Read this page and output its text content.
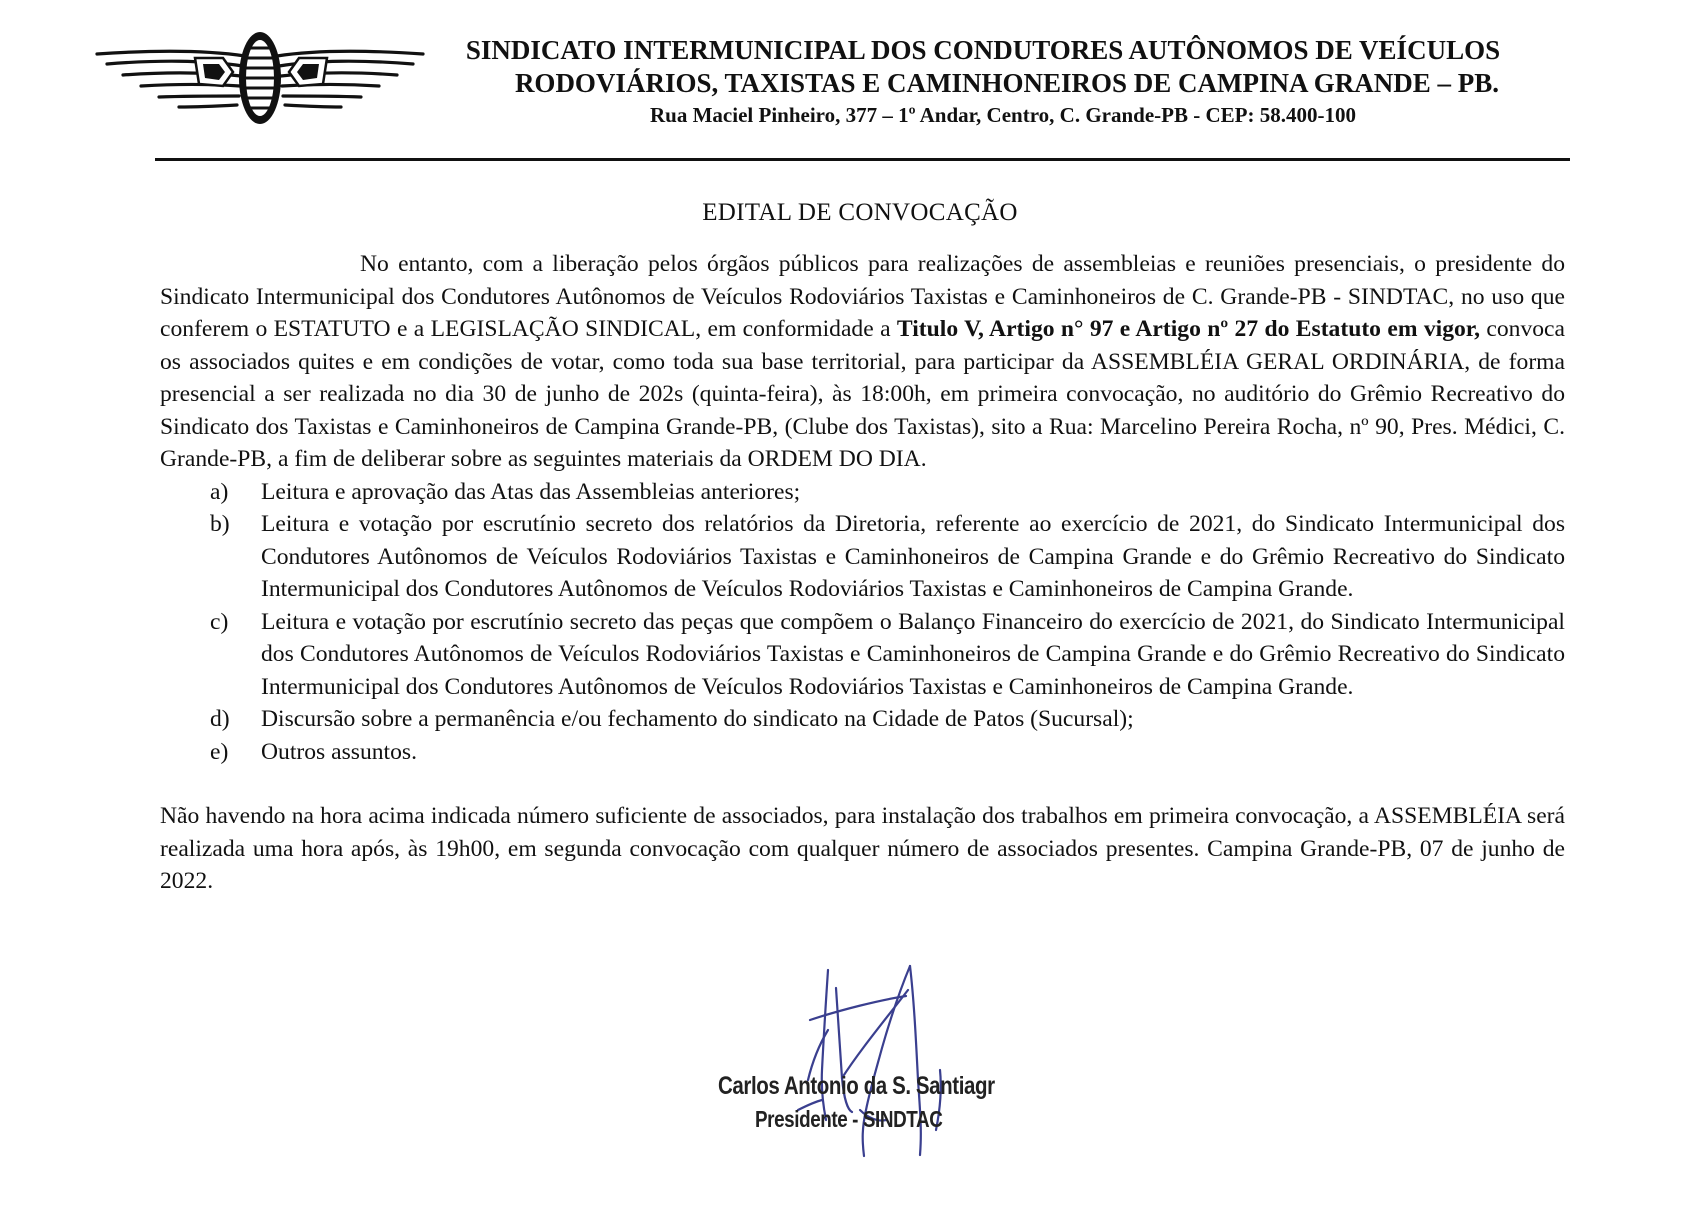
SINDICATO INTERMUNICIPAL DOS CONDUTORES AUTÔNOMOS DE VEÍCULOS
RODOVIÁRIOS, TAXISTAS E CAMINHONEIROS DE CAMPINA GRANDE – PB.
Rua Maciel Pinheiro, 377 – 1º Andar, Centro, C. Grande-PB - CEP: 58.400-100
EDITAL DE CONVOCAÇÃO

No entanto, com a liberação pelos órgãos públicos para realizações de assembleias e reuniões presenciais, o presidente do Sindicato Intermunicipal dos Condutores Autônomos de Veículos Rodoviários Taxistas e Caminhoneiros de C. Grande-PB - SINDTAC, no uso que conferem o ESTATUTO e a LEGISLAÇÃO SINDICAL, em conformidade a Titulo V, Artigo n° 97 e Artigo nº 27 do Estatuto em vigor, convoca os associados quites e em condições de votar, como toda sua base territorial, para participar da ASSEMBLÉIA GERAL ORDINÁRIA, de forma presencial a ser realizada no dia 30 de junho de 202s (quinta-feira), às 18:00h, em primeira convocação, no auditório do Grêmio Recreativo do Sindicato dos Taxistas e Caminhoneiros de Campina Grande-PB, (Clube dos Taxistas), sito a Rua: Marcelino Pereira Rocha, nº 90, Pres. Médici, C. Grande-PB, a fim de deliberar sobre as seguintes materiais da ORDEM DO DIA.

a) Leitura e aprovação das Atas das Assembleias anteriores;
b) Leitura e votação por escrutínio secreto dos relatórios da Diretoria, referente ao exercício de 2021, do Sindicato Intermunicipal dos Condutores Autônomos de Veículos Rodoviários Taxistas e Caminhoneiros de Campina Grande e do Grêmio Recreativo do Sindicato Intermunicipal dos Condutores Autônomos de Veículos Rodoviários Taxistas e Caminhoneiros de Campina Grande.
c) Leitura e votação por escrutínio secreto das peças que compõem o Balanço Financeiro do exercício de 2021, do Sindicato Intermunicipal dos Condutores Autônomos de Veículos Rodoviários Taxistas e Caminhoneiros de Campina Grande e do Grêmio Recreativo do Sindicato Intermunicipal dos Condutores Autônomos de Veículos Rodoviários Taxistas e Caminhoneiros de Campina Grande.
d) Discursão sobre a permanência e/ou fechamento do sindicato na Cidade de Patos (Sucursal);
e) Outros assuntos.

Não havendo na hora acima indicada número suficiente de associados, para instalação dos trabalhos em primeira convocação, a ASSEMBLÉIA será realizada uma hora após, às 19h00, em segunda convocação com qualquer número de associados presentes. Campina Grande-PB, 07 de junho de 2022.

Carlos Antonio da S. Santiagr
Presidente - SINDTAC
